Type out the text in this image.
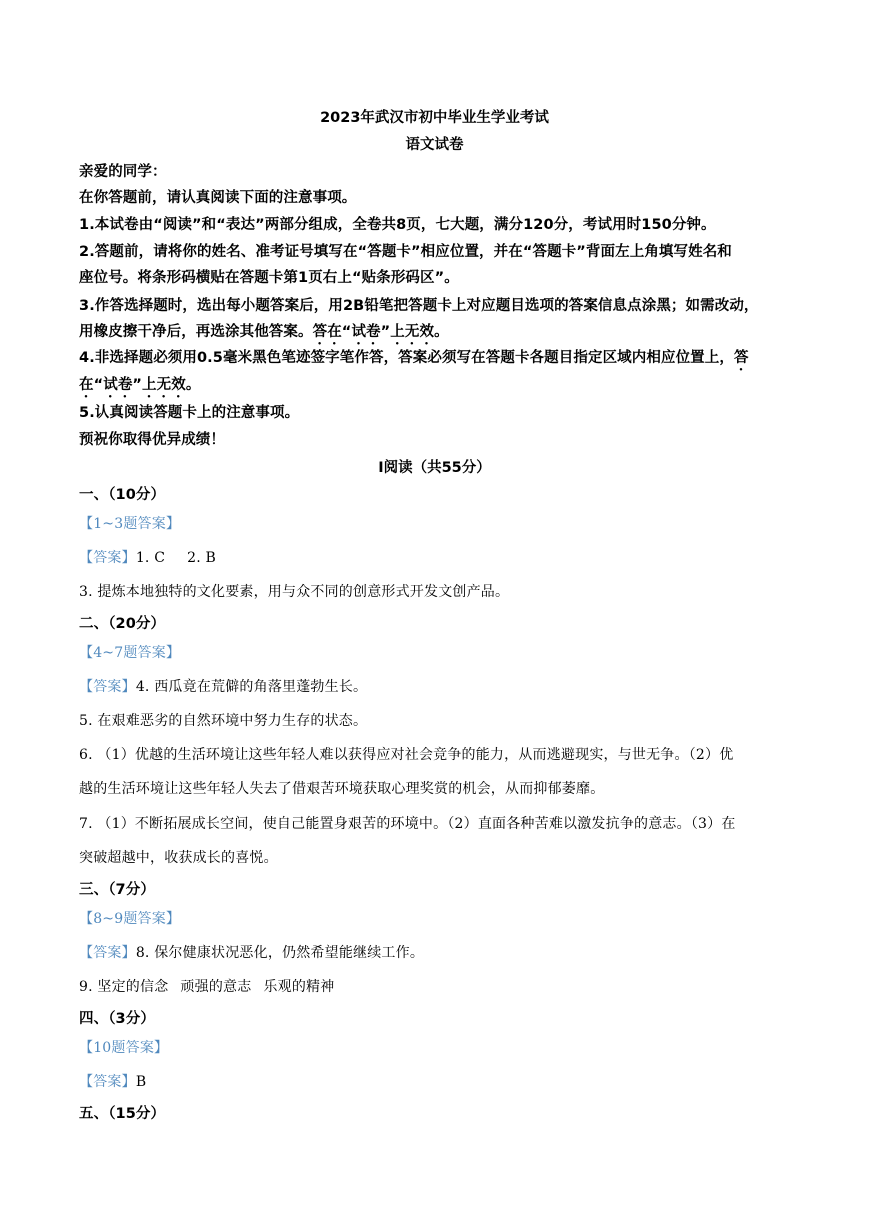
2023年武汉市初中毕业生学业考试
语文试卷
亲爱的同学：
在你答题前，请认真阅读下面的注意事项。
1.本试卷由“阅读”和“表达”两部分组成，全卷共8页，七大题，满分120分，考试用时150分钟。
2.答题前，请将你的姓名、准考证号填写在“答题卡”相应位置，并在“答题卡”背面左上角填写姓名和
座位号。将条形码横贴在答题卡第1页右上“贴条形码区”。
3.作答选择题时，选出每小题答案后，用2B铅笔把答题卡上对应题目选项的答案信息点涂黑；如需改动，
用橡皮擦干净后，再选涂其他答案。答在“试卷”上无效。
4.非选择题必须用0.5毫米黑色笔迹签字笔作答，答案必须写在答题卡各题目指定区域内相应位置上，答
在“试卷”上无效。
5.认真阅读答题卡上的注意事项。
预祝你取得优异成绩！
I阅读（共55分）
一、（10分）
【1~3题答案】
【答案】1. C 2. B
3. 提炼本地独特的文化要素，用与众不同的创意形式开发文创产品。
二、（20分）
【4~7题答案】
【答案】4. 西瓜竟在荒僻的角落里蓬勃生长。
5. 在艰难恶劣的自然环境中努力生存的状态。
6. （1）优越的生活环境让这些年轻人难以获得应对社会竞争的能力，从而逃避现实，与世无争。（2）优
越的生活环境让这些年轻人失去了借艰苦环境获取心理奖赏的机会，从而抑郁萎靡。
7. （1）不断拓展成长空间，使自己能置身艰苦的环境中。（2）直面各种苦难以激发抗争的意志。（3）在
突破超越中，收获成长的喜悦。
三、（7分）
【8~9题答案】
【答案】8. 保尔健康状况恶化，仍然希望能继续工作。
9. 坚定的信念 顽强的意志 乐观的精神
四、（3分）
【10题答案】
【答案】B
五、（15分）
